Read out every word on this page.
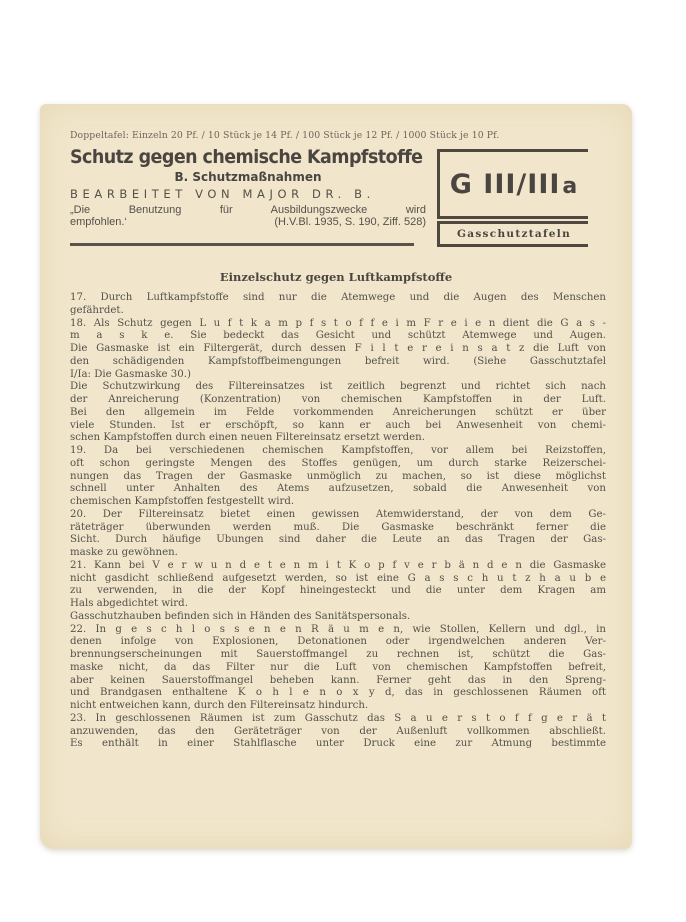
Doppeltafel: Einzeln 20 Pf. / 10 Stück je 14 Pf. / 100 Stück je 12 Pf. / 1000 Stück je 10 Pf.
Schutz gegen chemische Kampfstoffe
B. Schutzmaßnahmen
BEARBEITET VON MAJOR DR. B.
„Die Benutzung für Ausbildungszwecke wird
empfohlen.‘	(H.V.Bl. 1935, S. 190, Ziff. 528)
G III/IIIa
Gasschutztafeln
Einzelschutz gegen Luftkampfstoffe
17. Durch Luftkampfstoffe sind nur die Atemwege und die Augen des Menschen
gefährdet.
18. Als Schutz gegen L u f t k a m p f s t o f f e i m F r e i e n dient die G a s -
m a s k e. Sie bedeckt das Gesicht und schützt Atemwege und Augen.
Die Gasmaske ist ein Filtergerät, durch dessen F i l t e r e i n s a t z die Luft von
den schädigenden Kampfstoffbeimengungen befreit wird. (Siehe Gasschutztafel
I/Ia: Die Gasmaske 30.)
Die Schutzwirkung des Filtereinsatzes ist zeitlich begrenzt und richtet sich nach
der Anreicherung (Konzentration) von chemischen Kampfstoffen in der Luft.
Bei den allgemein im Felde vorkommenden Anreicherungen schützt er über
viele Stunden. Ist er erschöpft, so kann er auch bei Anwesenheit von chemi-
schen Kampfstoffen durch einen neuen Filtereinsatz ersetzt werden.
19. Da bei verschiedenen chemischen Kampfstoffen, vor allem bei Reizstoffen,
oft schon geringste Mengen des Stoffes genügen, um durch starke Reizerschei-
nungen das Tragen der Gasmaske unmöglich zu machen, so ist diese möglichst
schnell unter Anhalten des Atems aufzusetzen, sobald die Anwesenheit von
chemischen Kampfstoffen festgestellt wird.
20. Der Filtereinsatz bietet einen gewissen Atemwiderstand, der von dem Ge-
räteträger überwunden werden muß. Die Gasmaske beschränkt ferner die
Sicht. Durch häufige Übungen sind daher die Leute an das Tragen der Gas-
maske zu gewöhnen.
21. Kann bei V e r w u n d e t e n m i t K o p f v e r b ä n d e n die Gasmaske
nicht gasdicht schließend aufgesetzt werden, so ist eine G a s s c h u t z h a u b e
zu verwenden, in die der Kopf hineingesteckt und die unter dem Kragen am
Hals abgedichtet wird.
Gasschutzhauben befinden sich in Händen des Sanitätspersonals.
22. In g e s c h l o s s e n e n R ä u m e n, wie Stollen, Kellern und dgl., in
denen infolge von Explosionen, Detonationen oder irgendwelchen anderen Ver-
brennungserscheinungen mit Sauerstoffmangel zu rechnen ist, schützt die Gas-
maske nicht, da das Filter nur die Luft von chemischen Kampfstoffen befreit,
aber keinen Sauerstoffmangel beheben kann. Ferner geht das in den Spreng-
und Brandgasen enthaltene K o h l e n o x y d, das in geschlossenen Räumen oft
nicht entweichen kann, durch den Filtereinsatz hindurch.
23. In geschlossenen Räumen ist zum Gasschutz das S a u e r s t o f f g e r ä t
anzuwenden, das den Geräteträger von der Außenluft vollkommen abschließt.
Es enthält in einer Stahlflasche unter Druck eine zur Atmung bestimmte
